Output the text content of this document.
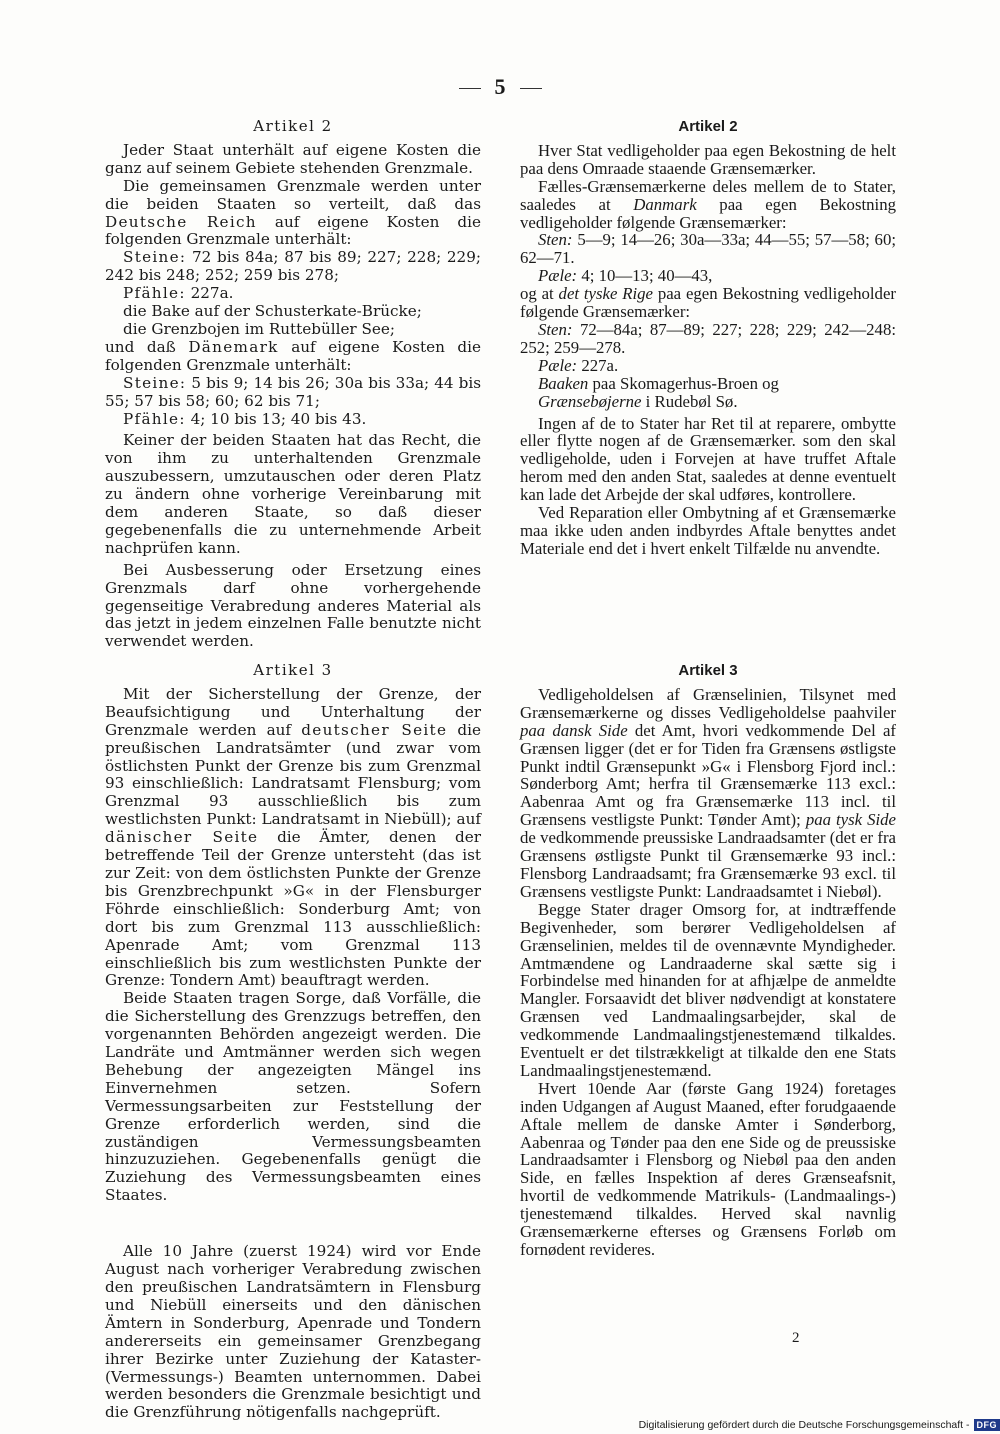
5
Artikel 2

Jeder Staat unterhält auf eigene Kosten die ganz auf seinem Gebiete stehenden Grenzmale.

Die gemeinsamen Grenzmale werden unter die beiden Staaten so verteilt, daß das Deutsche Reich auf eigene Kosten die folgenden Grenzmale unterhält:

Steine: 72 bis 84a; 87 bis 89; 227; 228; 229; 242 bis 248; 252; 259 bis 278;

Pfähle: 227a.

die Bake auf der Schusterkate-Brücke;

die Grenzbojen im Ruttebüller See;

und daß Dänemark auf eigene Kosten die folgenden Grenzmale unterhält:

Steine: 5 bis 9; 14 bis 26; 30a bis 33a; 44 bis 55; 57 bis 58; 60; 62 bis 71;

Pfähle: 4; 10 bis 13; 40 bis 43.

Keiner der beiden Staaten hat das Recht, die von ihm zu unterhaltenden Grenzmale auszubessern, umzutauschen oder deren Platz zu ändern ohne vorherige Vereinbarung mit dem anderen Staate, so daß dieser gegebenenfalls die zu unternehmende Arbeit nachprüfen kann.

Bei Ausbesserung oder Ersetzung eines Grenzmals darf ohne vorhergehende gegenseitige Verabredung anderes Material als das jetzt in jedem einzelnen Falle benutzte nicht verwendet werden.

Artikel 3

Mit der Sicherstellung der Grenze, der Beaufsichtigung und Unterhaltung der Grenzmale werden auf deutscher Seite die preußischen Landratsämter (und zwar vom östlichsten Punkt der Grenze bis zum Grenzmal 93 einschließlich: Landratsamt Flensburg; vom Grenzmal 93 ausschließlich bis zum westlichsten Punkt: Landratsamt in Niebüll); auf dänischer Seite die Ämter, denen der betreffende Teil der Grenze untersteht (das ist zur Zeit: von dem östlichsten Punkte der Grenze bis Grenzbrechpunkt »G« in der Flensburger Föhrde einschließlich: Sonderburg Amt; von dort bis zum Grenzmal 113 ausschließlich: Apenrade Amt; vom Grenzmal 113 einschließlich bis zum westlichsten Punkte der Grenze: Tondern Amt) beauftragt werden.

Beide Staaten tragen Sorge, daß Vorfälle, die die Sicherstellung des Grenzzugs betreffen, den vorgenannten Behörden angezeigt werden. Die Landräte und Amtmänner werden sich wegen Behebung der angezeigten Mängel ins Einvernehmen setzen. Sofern Vermessungsarbeiten zur Feststellung der Grenze erforderlich werden, sind die zuständigen Vermessungsbeamten hinzuzuziehen. Gegebenenfalls genügt die Zuziehung des Vermessungsbeamten eines Staates.

Alle 10 Jahre (zuerst 1924) wird vor Ende August nach vorheriger Verabredung zwischen den preußischen Landratsämtern in Flensburg und Niebüll einerseits und den dänischen Ämtern in Sonderburg, Apenrade und Tondern andererseits ein gemeinsamer Grenzbegang ihrer Bezirke unter Zuziehung der Kataster- (Vermessungs-) Beamten unternommen. Dabei werden besonders die Grenzmale besichtigt und die Grenzführung nötigenfalls nachgeprüft.

Artikel 2

Hver Stat vedligeholder paa egen Bekostning de helt paa dens Omraade staaende Grænsemærker.

Fælles-Grænsemærkerne deles mellem de to Stater, saaledes at Danmark paa egen Bekostning vedligeholder følgende Grænsemærker:

Sten: 5—9; 14—26; 30a—33a; 44—55; 57—58; 60; 62—71.

Pæle: 4; 10—13; 40—43,

og at det tyske Rige paa egen Bekostning vedligeholder følgende Grænsemærker:

Sten: 72—84a; 87—89; 227; 228; 229; 242—248: 252; 259—278.

Pæle: 227a.

Baaken paa Skomagerhus-Broen og

Grænsebøjerne i Rudebøl Sø.

Ingen af de to Stater har Ret til at reparere, ombytte eller flytte nogen af de Grænsemærker. som den skal vedligeholde, uden i Forvejen at have truffet Aftale herom med den anden Stat, saaledes at denne eventuelt kan lade det Arbejde der skal udføres, kontrollere.

Ved Reparation eller Ombytning af et Grænsemærke maa ikke uden anden indbyrdes Aftale benyttes andet Materiale end det i hvert enkelt Tilfælde nu anvendte.

Artikel 3

Vedligeholdelsen af Grænselinien, Tilsynet med Grænsemærkerne og disses Vedligeholdelse paahviler paa dansk Side det Amt, hvori vedkommende Del af Grænsen ligger (det er for Tiden fra Grænsens østligste Punkt indtil Grænsepunkt »G« i Flensborg Fjord incl.: Sønderborg Amt; herfra til Grænsemærke 113 excl.: Aabenraa Amt og fra Grænsemærke 113 incl. til Grænsens vestligste Punkt: Tønder Amt); paa tysk Side de vedkommende preussiske Landraadsamter (det er fra Grænsens østligste Punkt til Grænsemærke 93 incl.: Flensborg Landraadsamt; fra Grænsemærke 93 excl. til Grænsens vestligste Punkt: Landraadsamtet i Niebøl).

Begge Stater drager Omsorg for, at indtræffende Begivenheder, som berører Vedligeholdelsen af Grænselinien, meldes til de ovennævnte Myndigheder. Amtmændene og Landraaderne skal sætte sig i Forbindelse med hinanden for at afhjælpe de anmeldte Mangler. Forsaavidt det bliver nødvendigt at konstatere Grænsen ved Landmaalingsarbejder, skal de vedkommende Landmaalingstjenestemænd tilkaldes. Eventuelt er det tilstrækkeligt at tilkalde den ene Stats Landmaalingstjenestemænd.

Hvert 10ende Aar (første Gang 1924) foretages inden Udgangen af August Maaned, efter forudgaaende Aftale mellem de danske Amter i Sønderborg, Aabenraa og Tønder paa den ene Side og de preussiske Landraadsamter i Flensborg og Niebøl paa den anden Side, en fælles Inspektion af deres Grænseafsnit, hvortil de vedkommende Matrikuls- (Landmaalings-) tjenestemænd tilkaldes. Herved skal navnlig Grænsemærkerne efterses og Grænsens Forløb om fornødent revideres.

2
Digitalisierung gefördert durch die Deutsche Forschungsgemeinschaft - DFG
